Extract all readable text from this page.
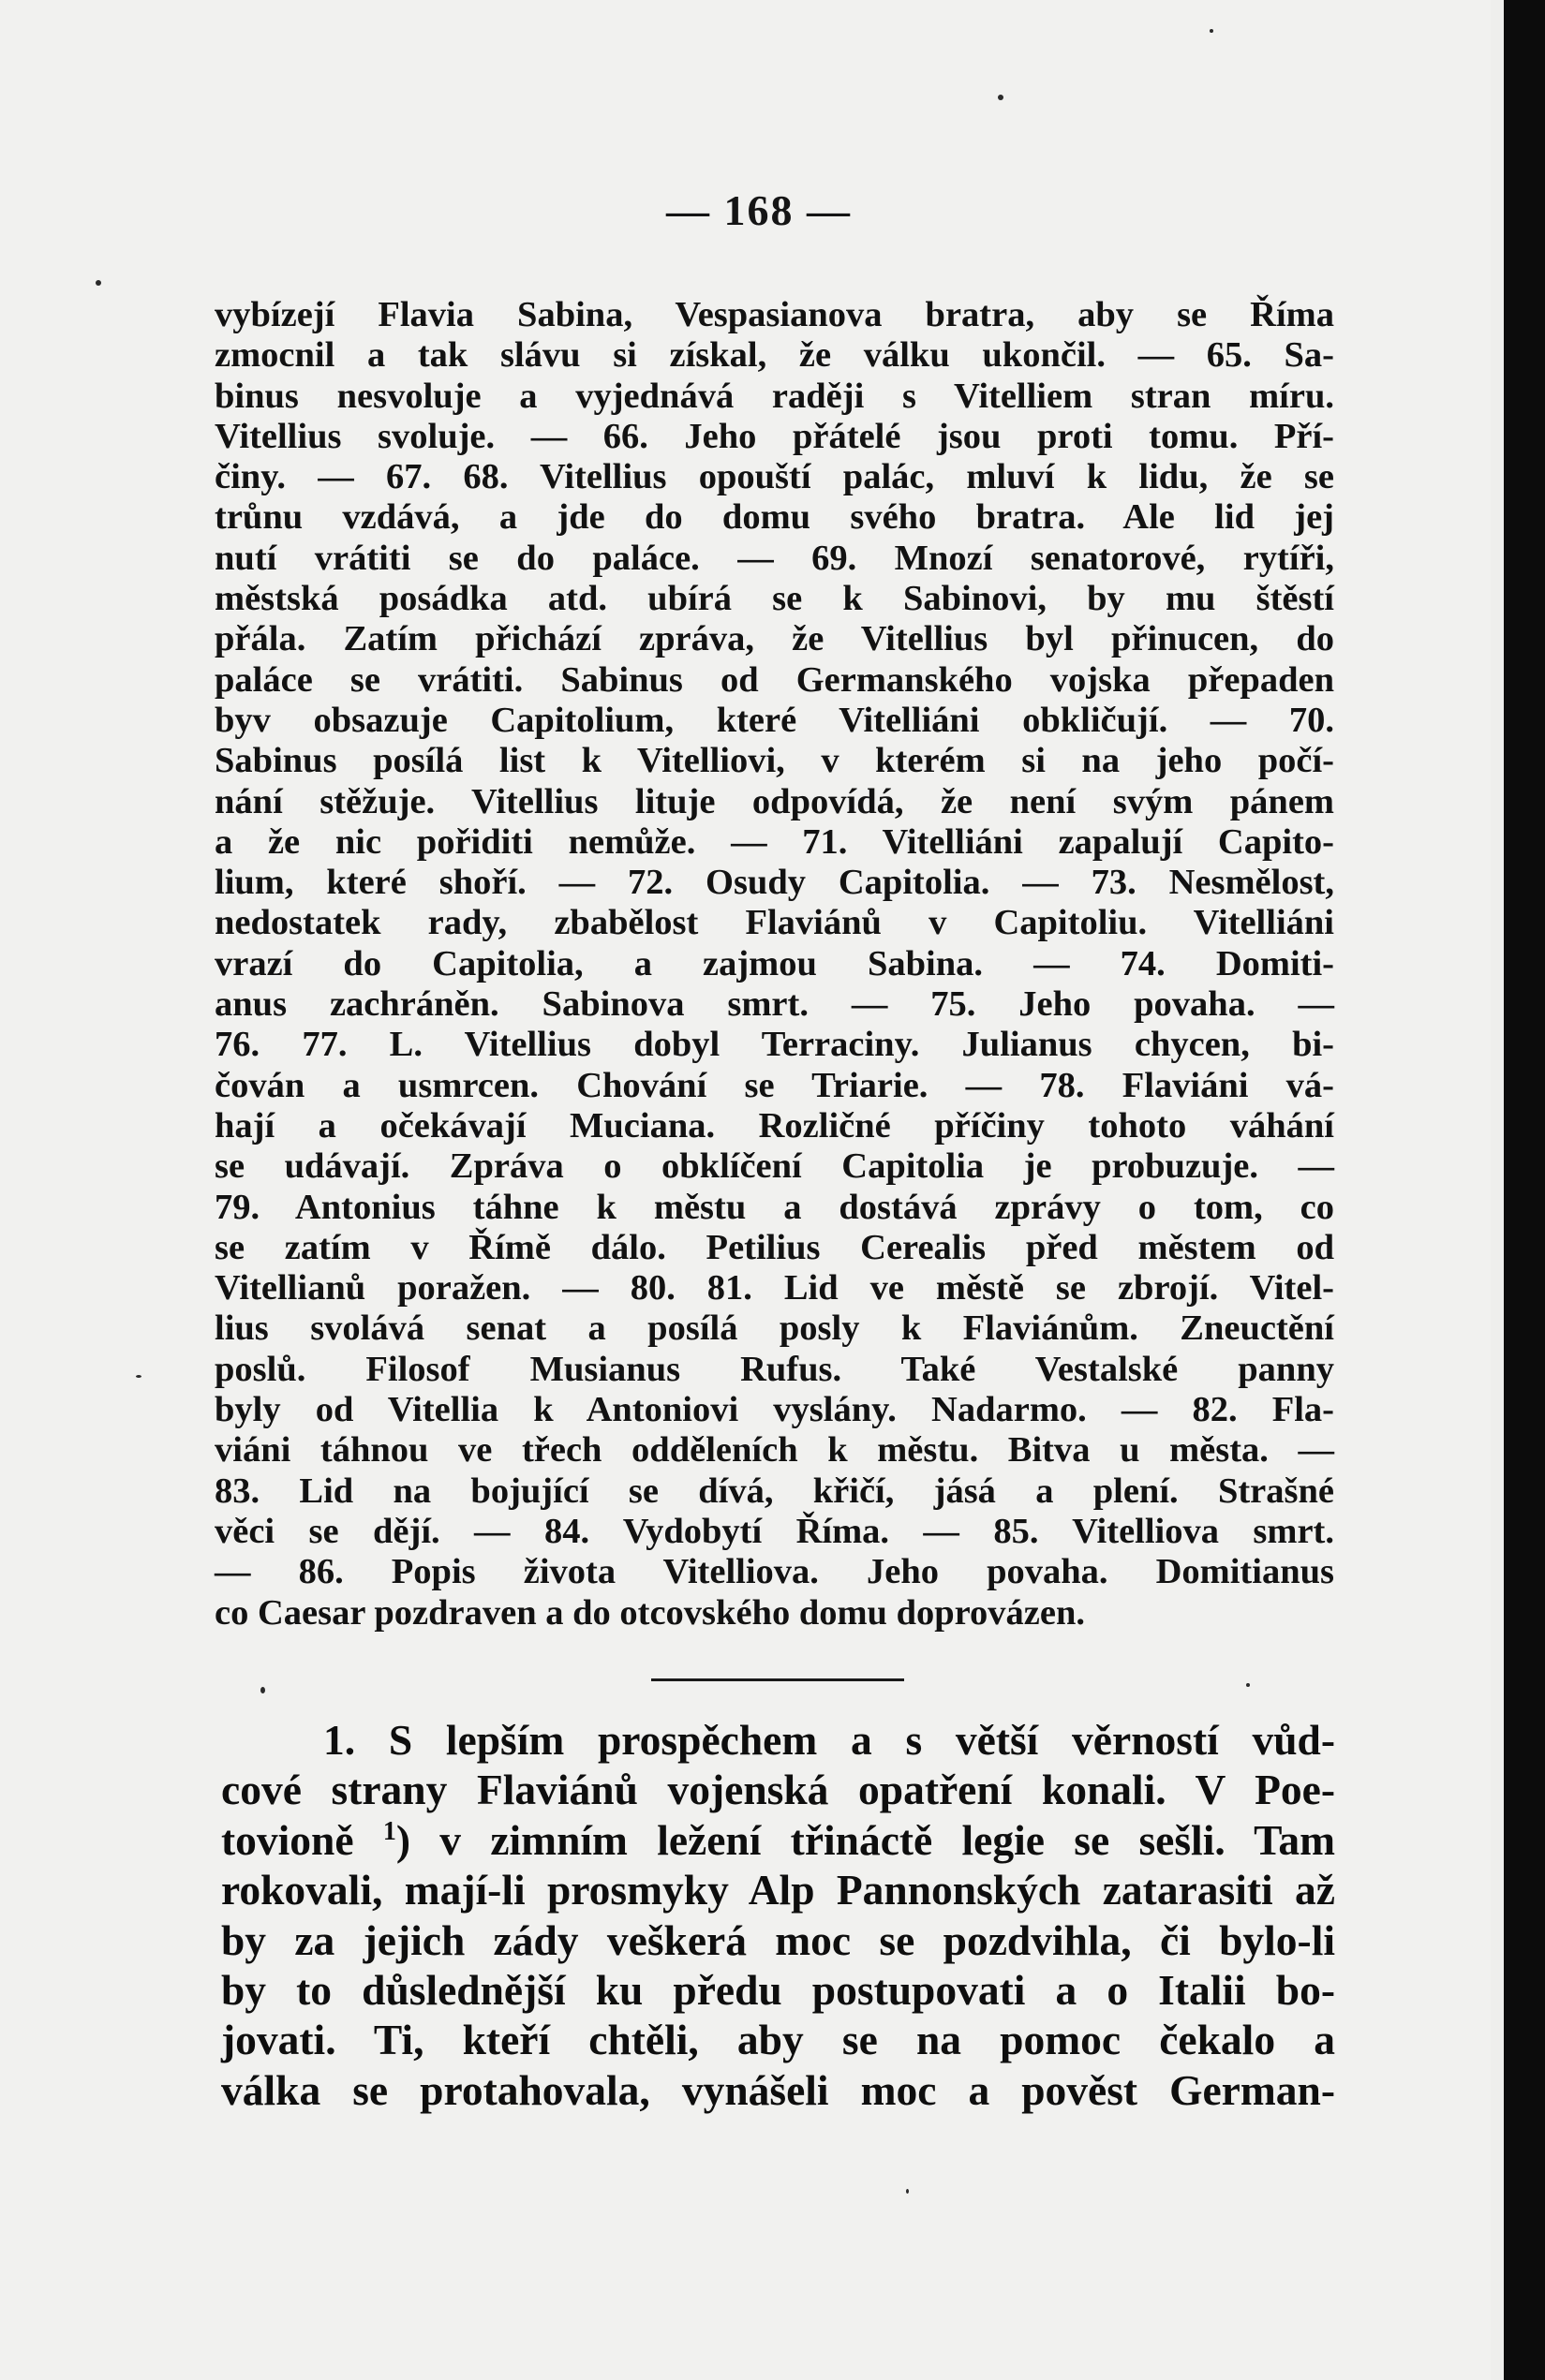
— 168 —
vybízejí Flavia Sabina, Vespasianova bratra, aby se Říma
zmocnil a tak slávu si získal, že válku ukončil. — 65. Sa-
binus nesvoluje a vyjednává raději s Vitelliem stran míru.
Vitellius svoluje. — 66. Jeho přátelé jsou proti tomu. Pří-
činy. — 67. 68. Vitellius opouští palác, mluví k lidu, že se
trůnu vzdává, a jde do domu svého bratra. Ale lid jej
nutí vrátiti se do paláce. — 69. Mnozí senatorové, rytíři,
městská posádka atd. ubírá se k Sabinovi, by mu štěstí
přála. Zatím přichází zpráva, že Vitellius byl přinucen, do
paláce se vrátiti. Sabinus od Germanského vojska přepaden
byv obsazuje Capitolium, které Vitelliáni obkličují. — 70.
Sabinus posílá list k Vitelliovi, v kterém si na jeho počí-
nání stěžuje. Vitellius lituje odpovídá, že není svým pánem
a že nic pořiditi nemůže. — 71. Vitelliáni zapalují Capito-
lium, které shoří. — 72. Osudy Capitolia. — 73. Nesmělost,
nedostatek rady, zbabělost Flaviánů v Capitoliu. Vitelliáni
vrazí do Capitolia, a zajmou Sabina. — 74. Domiti-
anus zachráněn. Sabinova smrt. — 75. Jeho povaha. —
76. 77. L. Vitellius dobyl Terraciny. Julianus chycen, bi-
čován a usmrcen. Chování se Triarie. — 78. Flaviáni vá-
hají a očekávají Muciana. Rozličné příčiny tohoto váhání
se udávají. Zpráva o obklíčení Capitolia je probuzuje. —
79. Antonius táhne k městu a dostává zprávy o tom, co
se zatím v Římě dálo. Petilius Cerealis před městem od
Vitellianů poražen. — 80. 81. Lid ve městě se zbrojí. Vitel-
lius svolává senat a posílá posly k Flaviánům. Zneuctění
poslů. Filosof Musianus Rufus. Také Vestalské panny
byly od Vitellia k Antoniovi vyslány. Nadarmo. — 82. Fla-
viáni táhnou ve třech odděleních k městu. Bitva u města. —
83. Lid na bojující se dívá, křičí, jásá a plení. Strašné
věci se dějí. — 84. Vydobytí Říma. — 85. Vitelliova smrt.
— 86. Popis života Vitelliova. Jeho povaha. Domitianus
co Caesar pozdraven a do otcovského domu doprovázen.
1. S lepším prospěchem a s větší věrností vůd-
cové strany Flaviánů vojenská opatření konali. V Poe-
tovioně $^1$) v zimním ležení třináctě legie se sešli. Tam
rokovali, mají-li prosmyky Alp Pannonských zatarasiti až
by za jejich zády veškerá moc se pozdvihla, či bylo-li
by to důslednější ku předu postupovati a o Italii bo-
jovati. Ti, kteří chtěli, aby se na pomoc čekalo a
válka se protahovala, vynášeli moc a pověst German-
